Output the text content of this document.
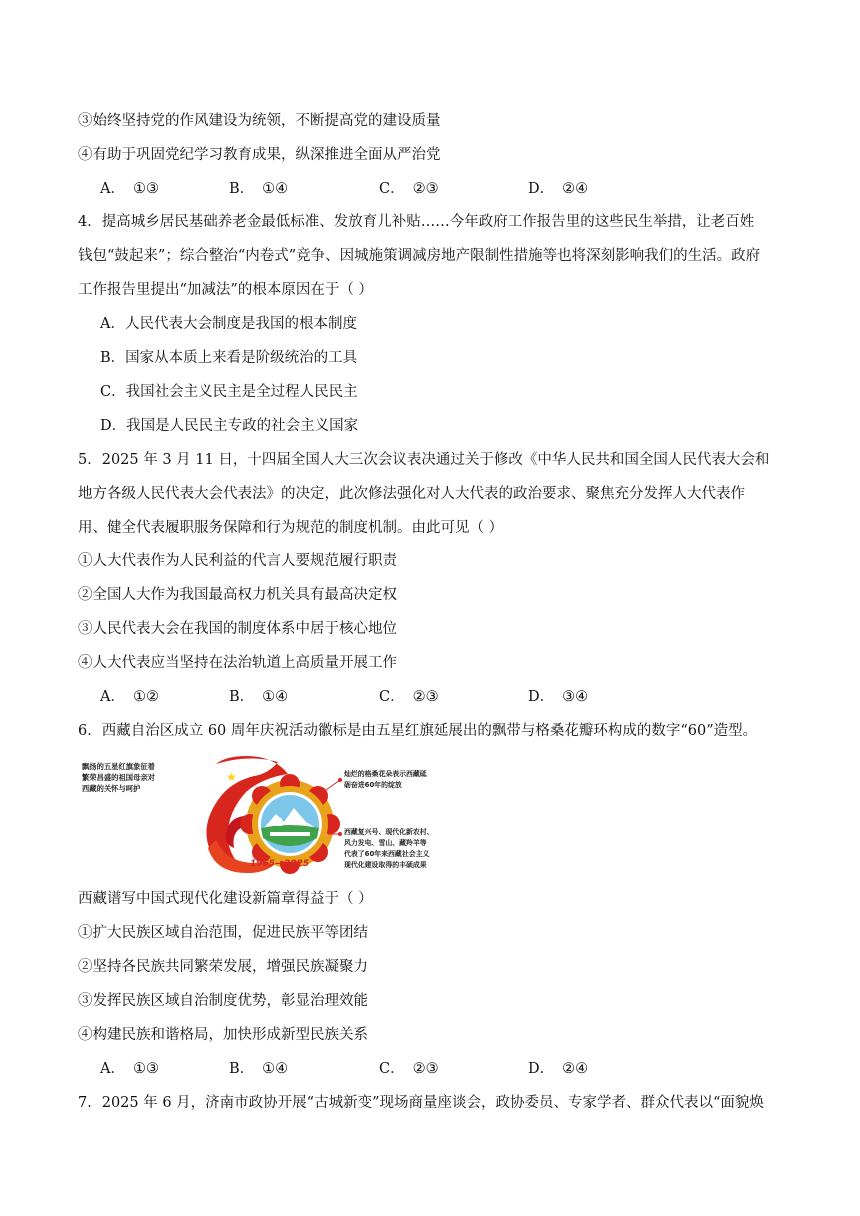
③始终坚持党的作风建设为统领，不断提高党的建设质量
④有助于巩固党纪学习教育成果，纵深推进全面从严治党
A． ①③	B． ①④	C． ②③	D． ②④
4．提高城乡居民基础养老金最低标准、发放育儿补贴……今年政府工作报告里的这些民生举措，让老百姓
钱包“鼓起来”；综合整治“内卷式”竞争、因城施策调减房地产限制性措施等也将深刻影响我们的生活。政府
工作报告里提出“加减法”的根本原因在于（ ）
A．人民代表大会制度是我国的根本制度
B．国家从本质上来看是阶级统治的工具
C．我国社会主义民主是全过程人民民主
D．我国是人民民主专政的社会主义国家
5．2025 年 3 月 11 日，十四届全国人大三次会议表决通过关于修改《中华人民共和国全国人民代表大会和
地方各级人民代表大会代表法》的决定，此次修法强化对人大代表的政治要求、聚焦充分发挥人大代表作
用、健全代表履职服务保障和行为规范的制度机制。由此可见（ ）
①人大代表作为人民利益的代言人要规范履行职责
②全国人大作为我国最高权力机关具有最高决定权
③人民代表大会在我国的制度体系中居于核心地位
④人大代表应当坚持在法治轨道上高质量开展工作
A． ①②	B． ①④	C． ②③	D． ③④
6．西藏自治区成立 60 周年庆祝活动徽标是由五星红旗延展出的飘带与格桑花瓣环构成的数字“60”造型。
飘扬的五星红旗象征着
繁荣昌盛的祖国母亲对
西藏的关怀与呵护
★
1965—2025
灿烂的格桑花朵表示西藏砥
砺奋进60年的绽放
西藏复兴号、现代化新农村、
风力发电、雪山、藏羚羊等
代表了60年来西藏社会主义
现代化建设取得的丰硕成果
西藏谱写中国式现代化建设新篇章得益于（ ）
①扩大民族区域自治范围，促进民族平等团结
②坚持各民族共同繁荣发展，增强民族凝聚力
③发挥民族区域自治制度优势，彰显治理效能
④构建民族和谐格局，加快形成新型民族关系
A． ①③	B． ①④	C． ②③	D． ②④
7．2025 年 6 月，济南市政协开展“古城新变”现场商量座谈会，政协委员、专家学者、群众代表以“面貌焕
